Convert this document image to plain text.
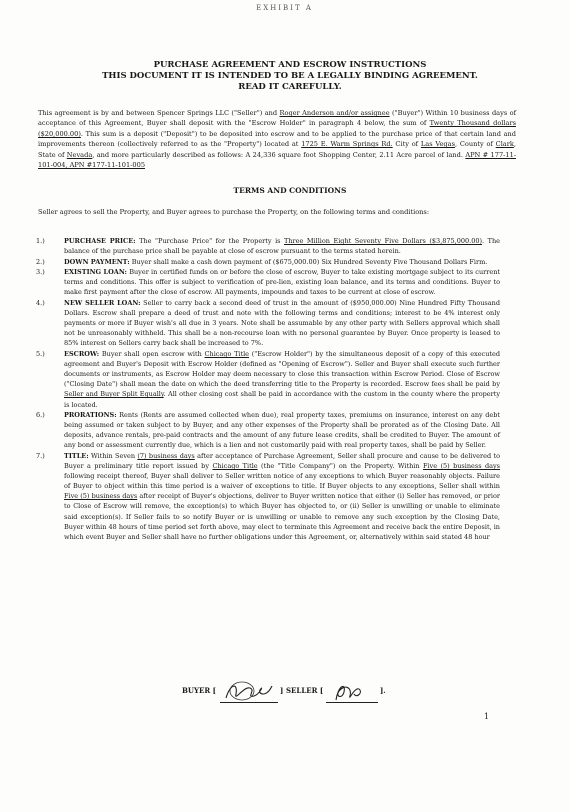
EXHIBIT A
PURCHASE AGREEMENT AND ESCROW INSTRUCTIONS
THIS DOCUMENT IT IS INTENDED TO BE A LEGALLY BINDING AGREEMENT.
READ IT CAREFULLY.
This agreement is by and between Spencer Springs LLC ("Seller") and Roger Anderson and/or assignee ("Buyer") Within 10 business days of acceptance of this Agreement, Buyer shall deposit with the "Escrow Holder" in paragraph 4 below, the sum of Twenty Thousand dollars ($20,000.00). This sum is a deposit ("Deposit") to be deposited into escrow and to be applied to the purchase price of that certain land and improvements thereon (collectively referred to as the "Property") located at 1725 E. Warm Springs Rd. City of Las Vegas, County of Clark, State of Nevada, and more particularly described as follows: A 24,336 square foot Shopping Center, 2.11 Acre parcel of land. APN # 177-11-101-004, APN #177-11-101-005
TERMS AND CONDITIONS
Seller agrees to sell the Property, and Buyer agrees to purchase the Property, on the following terms and conditions:
1.)	PURCHASE PRICE: The "Purchase Price" for the Property is Three Million Eight Seventy Five Dollars ($3,875,000.00). The balance of the purchase price shall be payable at close of escrow pursuant to the terms stated herein.
2.)	DOWN PAYMENT: Buyer shall make a cash down payment of ($675,000.00) Six Hundred Seventy Five Thousand Dollars Firm.
3.)	EXISTING LOAN: Buyer in certified funds on or before the close of escrow, Buyer to take existing mortgage subject to its current terms and conditions. This offer is subject to verification of pre-lien, existing loan balance, and its terms and conditions. Buyer to make first payment after the close of escrow. All payments, impounds and taxes to be current at close of escrow.
4.)	NEW SELLER LOAN: Seller to carry back a second deed of trust in the amount of ($950,000.00) Nine Hundred Fifty Thousand Dollars. Escrow shall prepare a deed of trust and note with the following terms and conditions; interest to be 4% interest only payments or more if Buyer wish's all due in 3 years. Note shall be assumable by any other party with Sellers approval which shall not be unreasonably withheld. This shall be a non-recourse loan with no personal guarantee by Buyer. Once property is leased to 85% interest on Sellers carry back shall be increased to 7%.
5.)	ESCROW: Buyer shall open escrow with Chicago Title ("Escrow Holder") by the simultaneous deposit of a copy of this executed agreement and Buyer's Deposit with Escrow Holder (defined as "Opening of Escrow"). Seller and Buyer shall execute such further documents or instruments, as Escrow Holder may deem necessary to close this transaction within Escrow Period. Close of Escrow ("Closing Date") shall mean the date on which the deed transferring title to the Property is recorded. Escrow fees shall be paid by Seller and Buyer Split Equally. All other closing cost shall be paid in accordance with the custom in the county where the property is located.
6.)	PRORATIONS: Rents (Rents are assumed collected when due), real property taxes, premiums on insurance, interest on any debt being assumed or taken subject to by Buyer, and any other expenses of the Property shall be prorated as of the Closing Date. All deposits, advance rentals, pre-paid contracts and the amount of any future lease credits, shall be credited to Buyer. The amount of any bond or assessment currently due, which is a lien and not customarily paid with real property taxes, shall be paid by Seller.
7.)	TITLE: Within Seven (7) business days after acceptance of Purchase Agreement, Seller shall procure and cause to be delivered to Buyer a preliminary title report issued by Chicago Title (the "Title Company") on the Property. Within Five (5) business days following receipt thereof, Buyer shall deliver to Seller written notice of any exceptions to which Buyer reasonably objects. Failure of Buyer to object within this time period is a waiver of exceptions to title. If Buyer objects to any exceptions, Seller shall within Five (5) business days after receipt of Buyer's objections, deliver to Buyer written notice that either (i) Seller has removed, or prior to Close of Escrow will remove, the exception(s) to which Buyer has objected to, or (ii) Seller is unwilling or unable to eliminate said exception(s). If Seller fails to so notify Buyer or is unwilling or unable to remove any such exception by the Closing Date, Buyer within 48 hours of time period set forth above, may elect to terminate this Agreement and receive back the entire Deposit, in which event Buyer and Seller shall have no further obligations under this Agreement, or, alternatively within said stated 48 hour
BUYER [	] SELLER [	].
1
